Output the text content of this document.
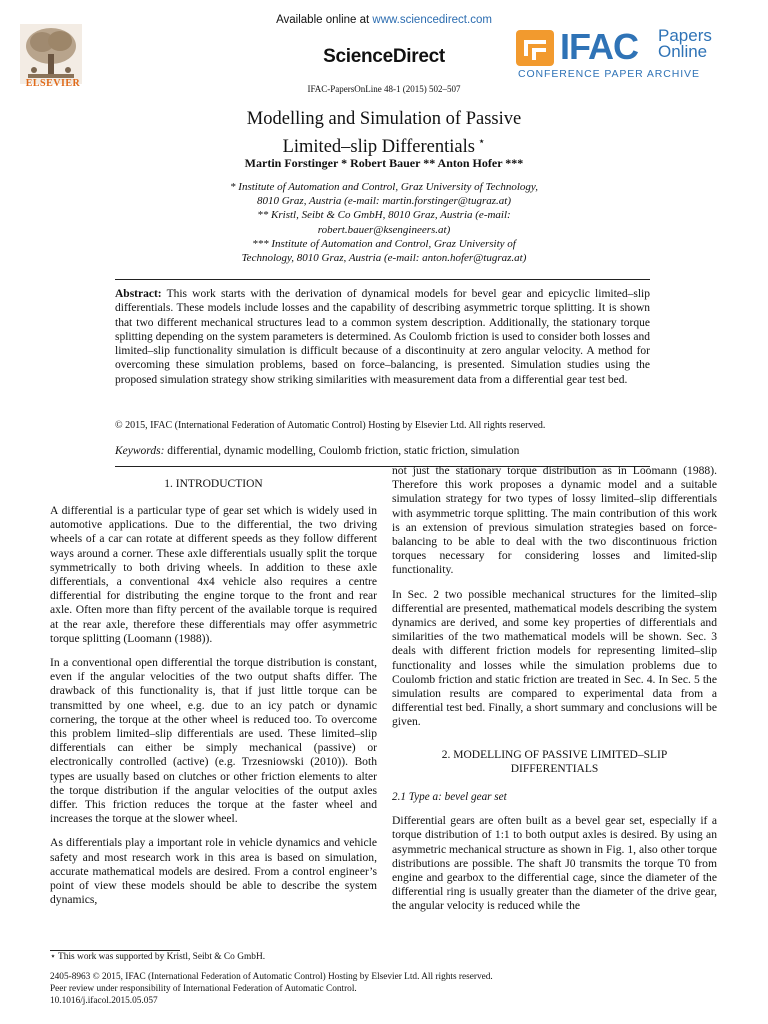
Available online at www.sciencedirect.com
ScienceDirect
IFAC-PapersOnLine 48-1 (2015) 502–507
ELSEVIER
IFAC Papers
Online
CONFERENCE PAPER ARCHIVE
Modelling and Simulation of Passive
Limited–slip Differentials ⋆
Martin Forstinger * Robert Bauer ** Anton Hofer ***
* Institute of Automation and Control, Graz University of Technology,
8010 Graz, Austria (e-mail: martin.forstinger@tugraz.at)
** Kristl, Seibt & Co GmbH, 8010 Graz, Austria (e-mail:
robert.bauer@ksengineers.at)
*** Institute of Automation and Control, Graz University of
Technology, 8010 Graz, Austria (e-mail: anton.hofer@tugraz.at)
Abstract: This work starts with the derivation of dynamical models for bevel gear and epicyclic limited–slip differentials. These models include losses and the capability of describing asymmetric torque splitting. It is shown that two different mechanical structures lead to a common system description. Additionally, the stationary torque splitting depending on the system parameters is determined. As Coulomb friction is used to consider both losses and limited–slip functionality simulation is difficult because of a discontinuity at zero angular velocity. A method for overcoming these simulation problems, based on force–balancing, is presented. Simulation studies using the proposed simulation strategy show striking similarities with measurement data from a differential gear test bed.
© 2015, IFAC (International Federation of Automatic Control) Hosting by Elsevier Ltd. All rights reserved.
Keywords: differential, dynamic modelling, Coulomb friction, static friction, simulation
1. INTRODUCTION

A differential is a particular type of gear set which is widely used in automotive applications. Due to the differential, the two driving wheels of a car can rotate at different speeds as they follow different ways around a corner. These axle differentials usually split the torque symmetrically to both driving wheels. In addition to these axle differentials, a conventional 4x4 vehicle also requires a centre differential for distributing the engine torque to the front and rear axle. Often more than fifty percent of the available torque is required at the rear axle, therefore these differentials may offer asymmetric torque splitting (Loomann (1988)).

In a conventional open differential the torque distribution is constant, even if the angular velocities of the two output shafts differ. The drawback of this functionality is, that if just little torque can be transmitted by one wheel, e.g. due to an icy patch or dynamic cornering, the torque at the other wheel is reduced too. To overcome this problem limited–slip differentials are used. These limited–slip differentials can either be simply mechanical (passive) or electronically controlled (active) (e.g. Trzesniowski (2010)). Both types are usually based on clutches or other friction elements to alter the torque distribution if the angular velocities of the output axles differ. This friction reduces the torque at the faster wheel and increases the torque at the slower wheel.

As differentials play a important role in vehicle dynamics and vehicle safety and most research work in this area is based on simulation, accurate mathematical models are desired. From a control engineer’s point of view these models should be able to describe the system dynamics,

not just the stationary torque distribution as in Loomann (1988). Therefore this work proposes a dynamic model and a suitable simulation strategy for two types of lossy limited–slip differentials with asymmetric torque splitting. The main contribution of this work is an extension of previous simulation strategies based on force-balancing to be able to deal with the two discontinuous friction torques necessary for considering losses and limited-slip functionality.

In Sec. 2 two possible mechanical structures for the limited–slip differential are presented, mathematical models describing the system dynamics are derived, and some key properties of differentials and similarities of the two mathematical models will be shown. Sec. 3 deals with different friction models for representing limited–slip functionality and losses while the simulation problems due to Coulomb friction and static friction are treated in Sec. 4. In Sec. 5 the simulation results are compared to experimental data from a differential test bed. Finally, a short summary and conclusions will be given.

2. MODELLING OF PASSIVE LIMITED–SLIP
DIFFERENTIALS
2.1 Type a: bevel gear set

Differential gears are often built as a bevel gear set, especially if a torque distribution of 1:1 to both output axles is desired. By using an asymmetric mechanical structure as shown in Fig. 1, also other torque distributions are possible. The shaft J0 transmits the torque T0 from engine and gearbox to the differential cage, since the diameter of the differential ring is usually greater than the diameter of the drive gear, the angular velocity is reduced while the

⋆ This work was supported by Kristl, Seibt & Co GmbH.
2405-8963 © 2015, IFAC (International Federation of Automatic Control) Hosting by Elsevier Ltd. All rights reserved.
Peer review under responsibility of International Federation of Automatic Control.
10.1016/j.ifacol.2015.05.057
